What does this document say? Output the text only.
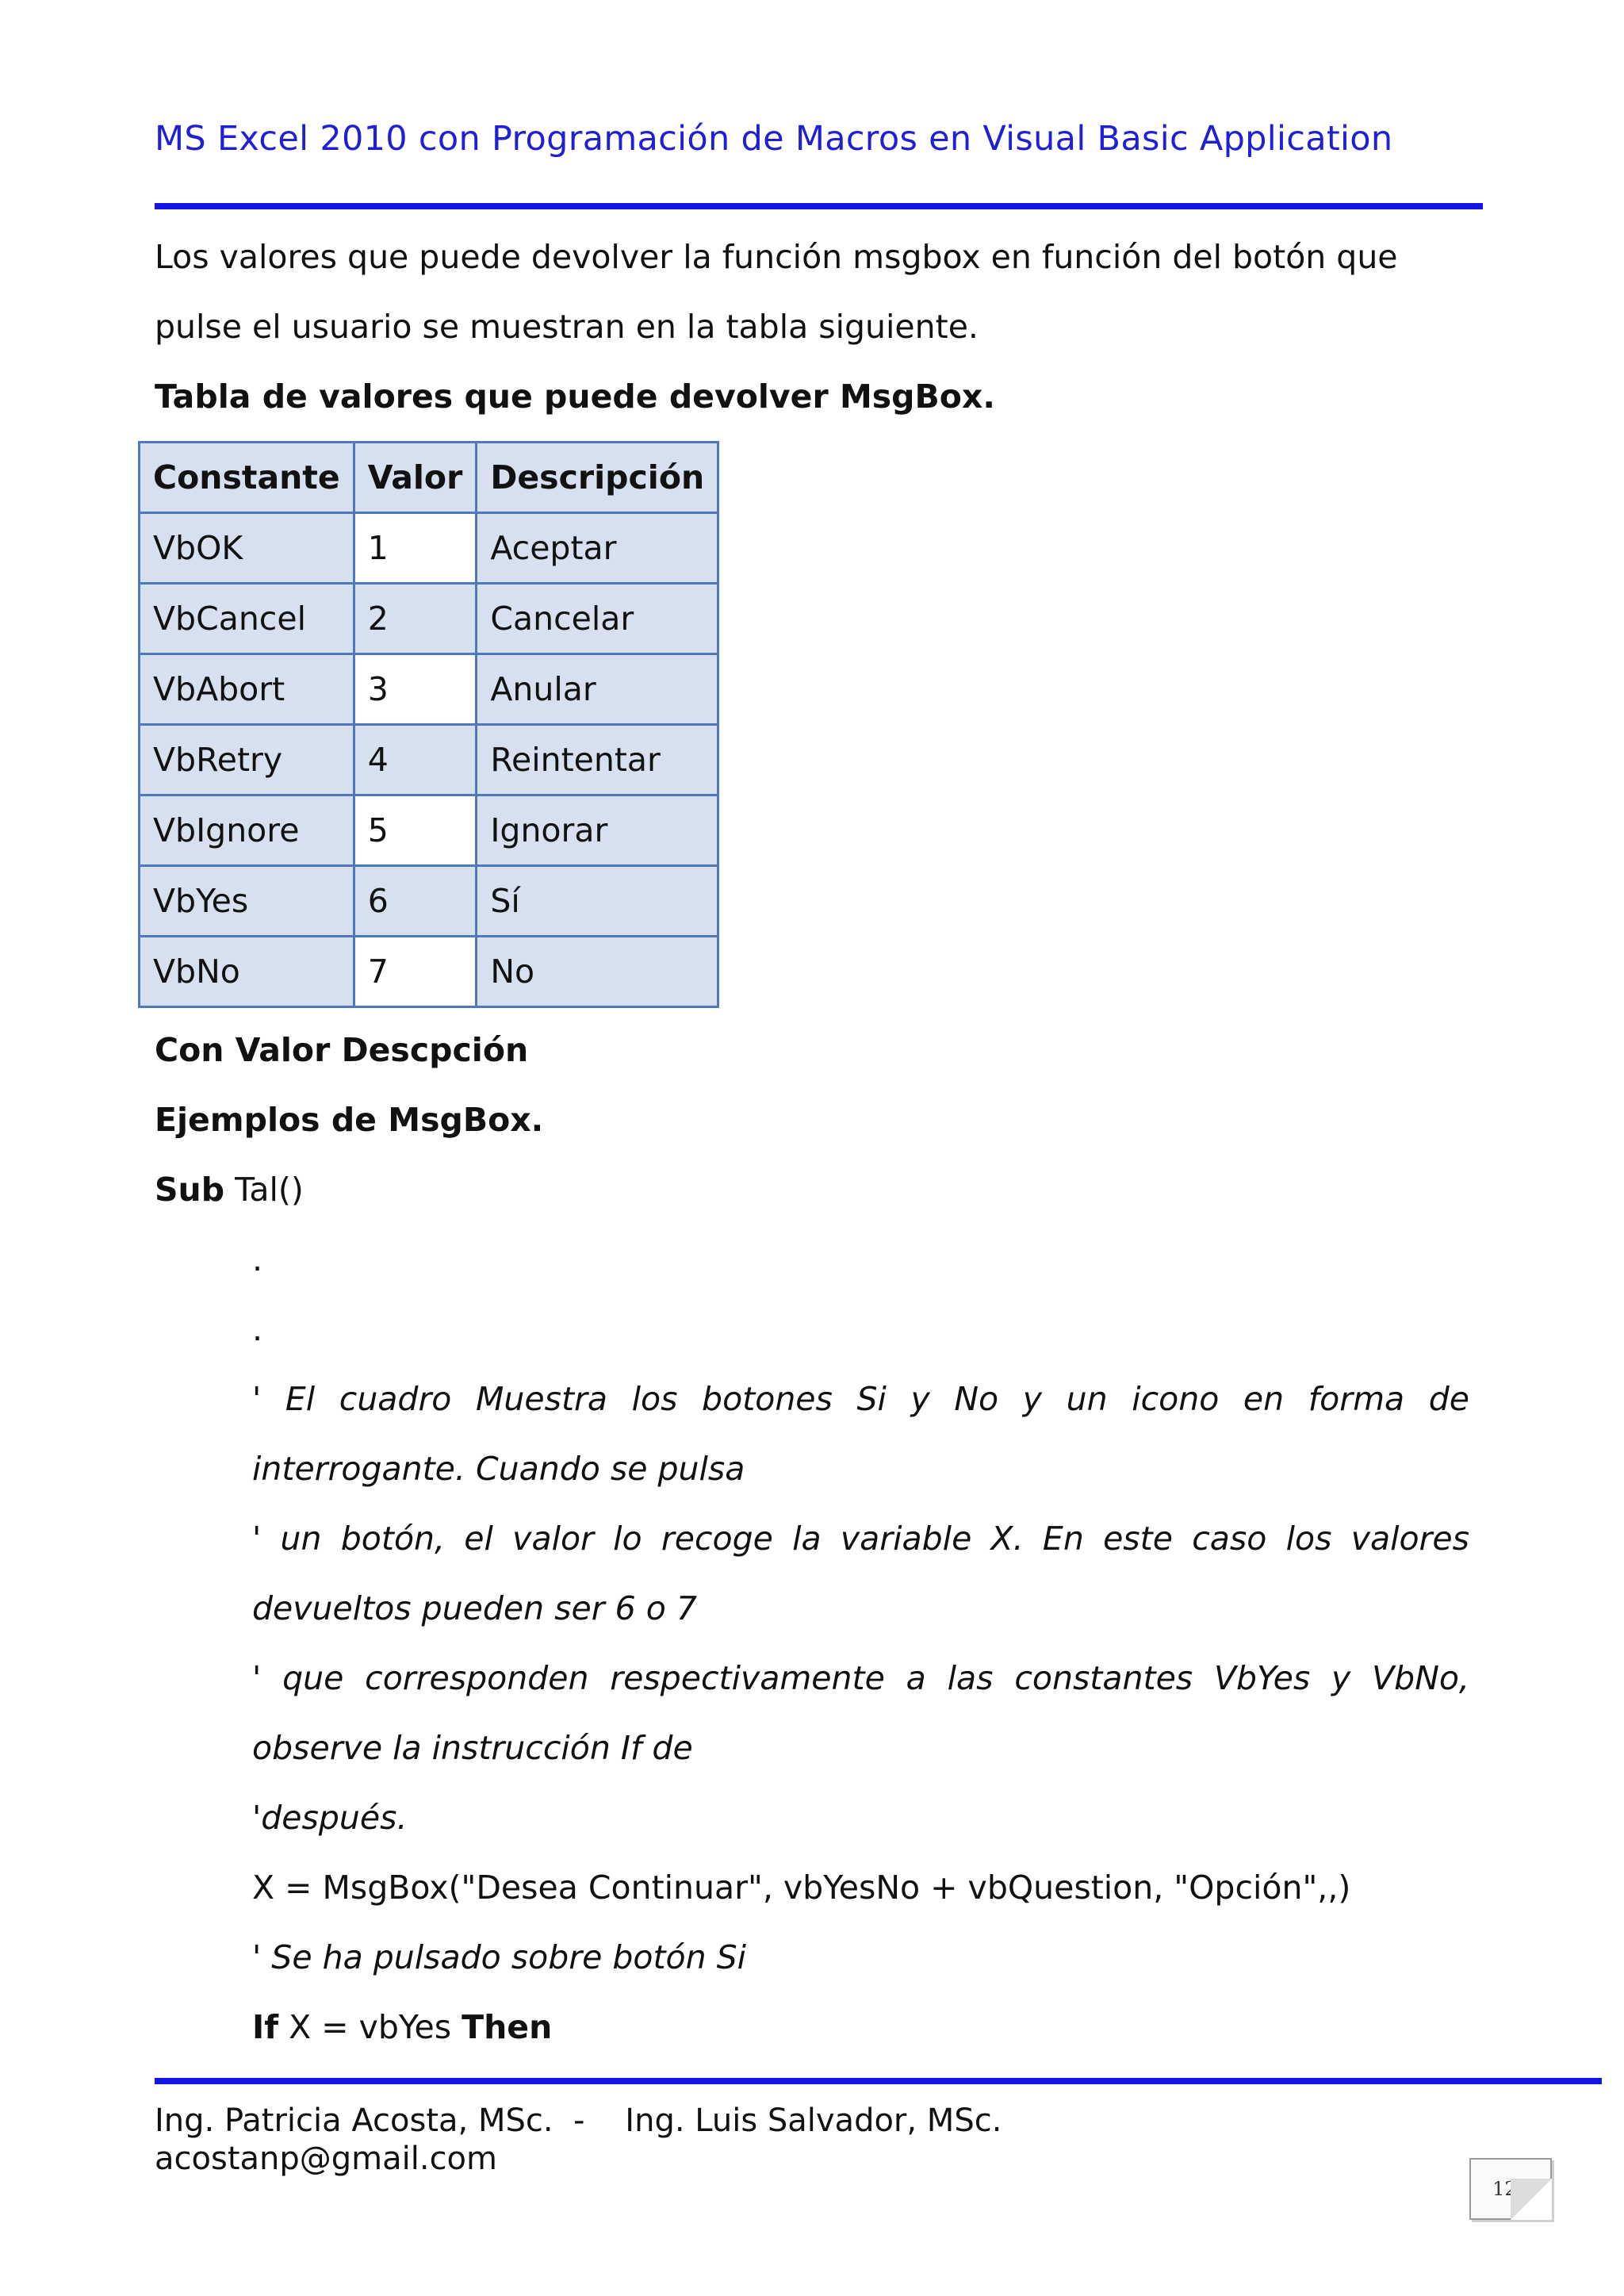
MS Excel 2010 con Programación de Macros en Visual Basic Application
Los valores que puede devolver la función msgbox en función del botón que pulse el usuario se muestran en la tabla siguiente.
Tabla de valores que puede devolver MsgBox.
Constante	Valor	Descripción
VbOK	1	Aceptar
VbCancel	2	Cancelar
VbAbort	3	Anular
VbRetry	4	Reintentar
VbIgnore	5	Ignorar
VbYes	6	Sí
VbNo	7	No
Con Valor Descpción
Ejemplos de MsgBox.
Sub Tal()
.
.
' El cuadro Muestra los botones Si y No y un icono en forma de interrogante. Cuando se pulsa
' un botón, el valor lo recoge la variable X. En este caso los valores devueltos pueden ser 6 o 7
' que corresponden respectivamente a las constantes VbYes y VbNo, observe la instrucción If de
'después.
X = MsgBox("Desea Continuar", vbYesNo + vbQuestion, "Opción",,)
' Se ha pulsado sobre botón Si
If X = vbYes Then
Ing. Patricia Acosta, MSc.  -    Ing. Luis Salvador, MSc.
acostanp@gmail.com
125
